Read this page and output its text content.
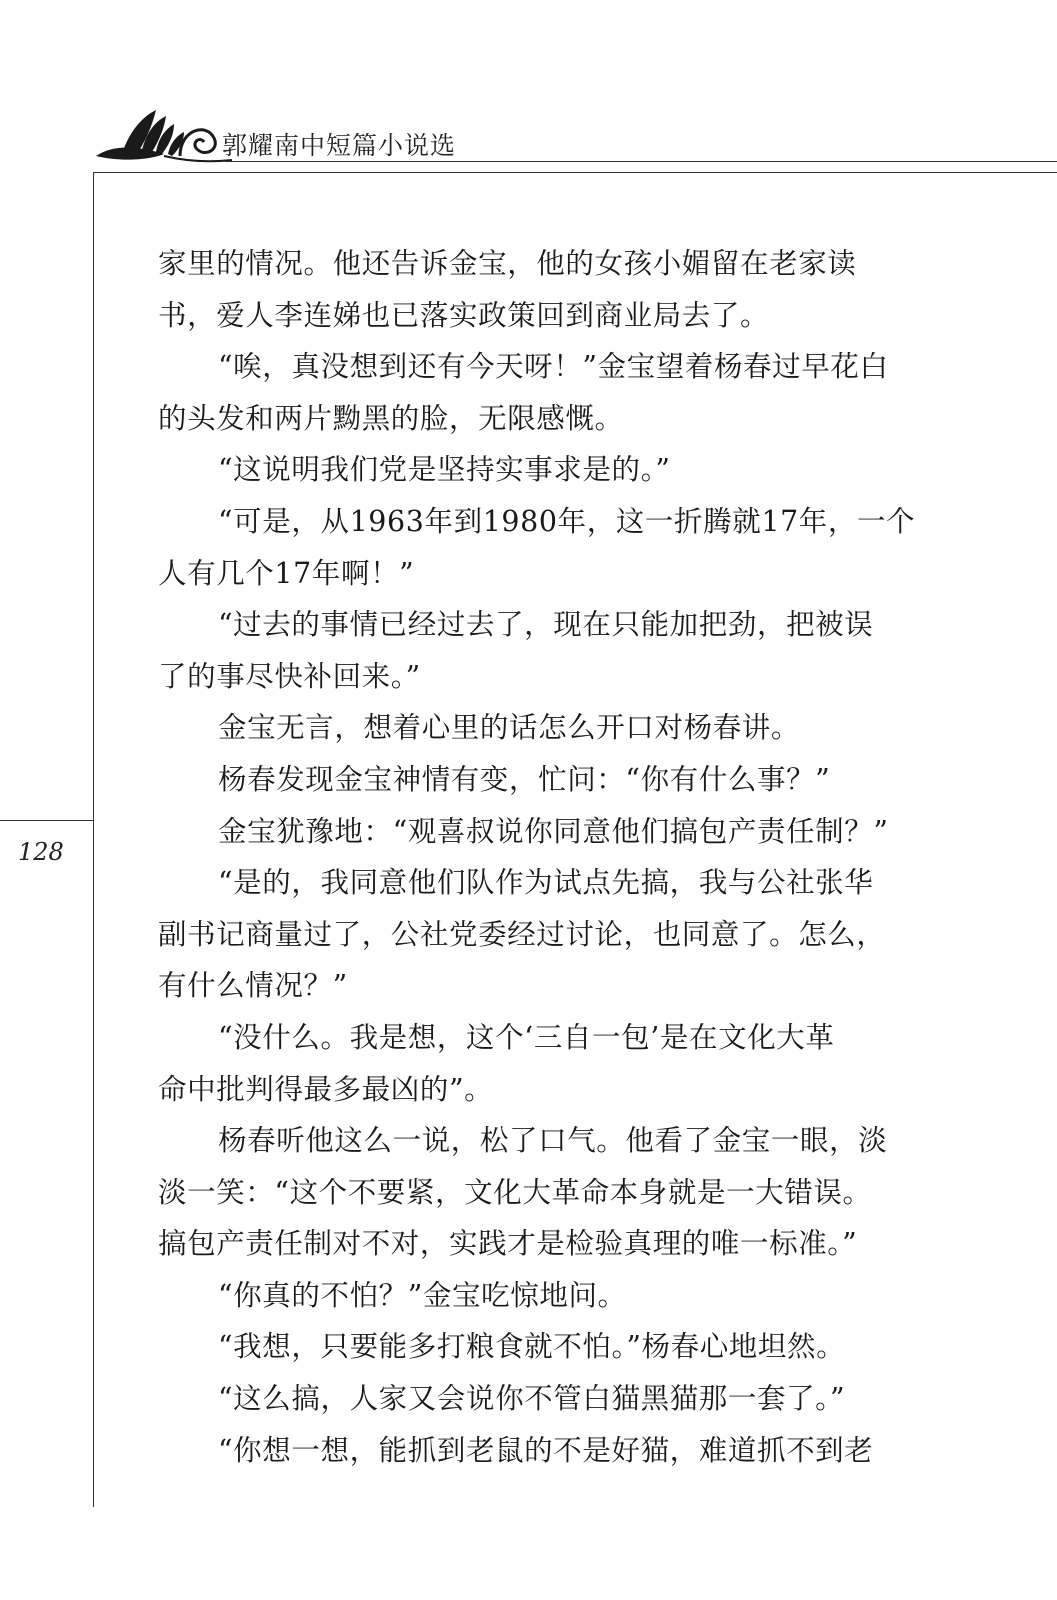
郭耀南中短篇小说选
128
家里的情况。他还告诉金宝，他的女孩小媚留在老家读
书，爱人李连娣也已落实政策回到商业局去了。
“唉，真没想到还有今天呀！”金宝望着杨春过早花白
的头发和两片黝黑的脸，无限感慨。
“这说明我们党是坚持实事求是的。”
“可是，从1963年到1980年，这一折腾就17年，一个
人有几个17年啊！”
“过去的事情已经过去了，现在只能加把劲，把被误
了的事尽快补回来。”
金宝无言，想着心里的话怎么开口对杨春讲。
杨春发现金宝神情有变，忙问：“你有什么事？”
金宝犹豫地：“观喜叔说你同意他们搞包产责任制？”
“是的，我同意他们队作为试点先搞，我与公社张华
副书记商量过了，公社党委经过讨论，也同意了。怎么，
有什么情况？”
“没什么。我是想，这个‘三自一包’是在文化大革
命中批判得最多最凶的”。
杨春听他这么一说，松了口气。他看了金宝一眼，淡
淡一笑：“这个不要紧，文化大革命本身就是一大错误。
搞包产责任制对不对，实践才是检验真理的唯一标准。”
“你真的不怕？”金宝吃惊地问。
“我想，只要能多打粮食就不怕。”杨春心地坦然。
“这么搞，人家又会说你不管白猫黑猫那一套了。”
“你想一想，能抓到老鼠的不是好猫，难道抓不到老
